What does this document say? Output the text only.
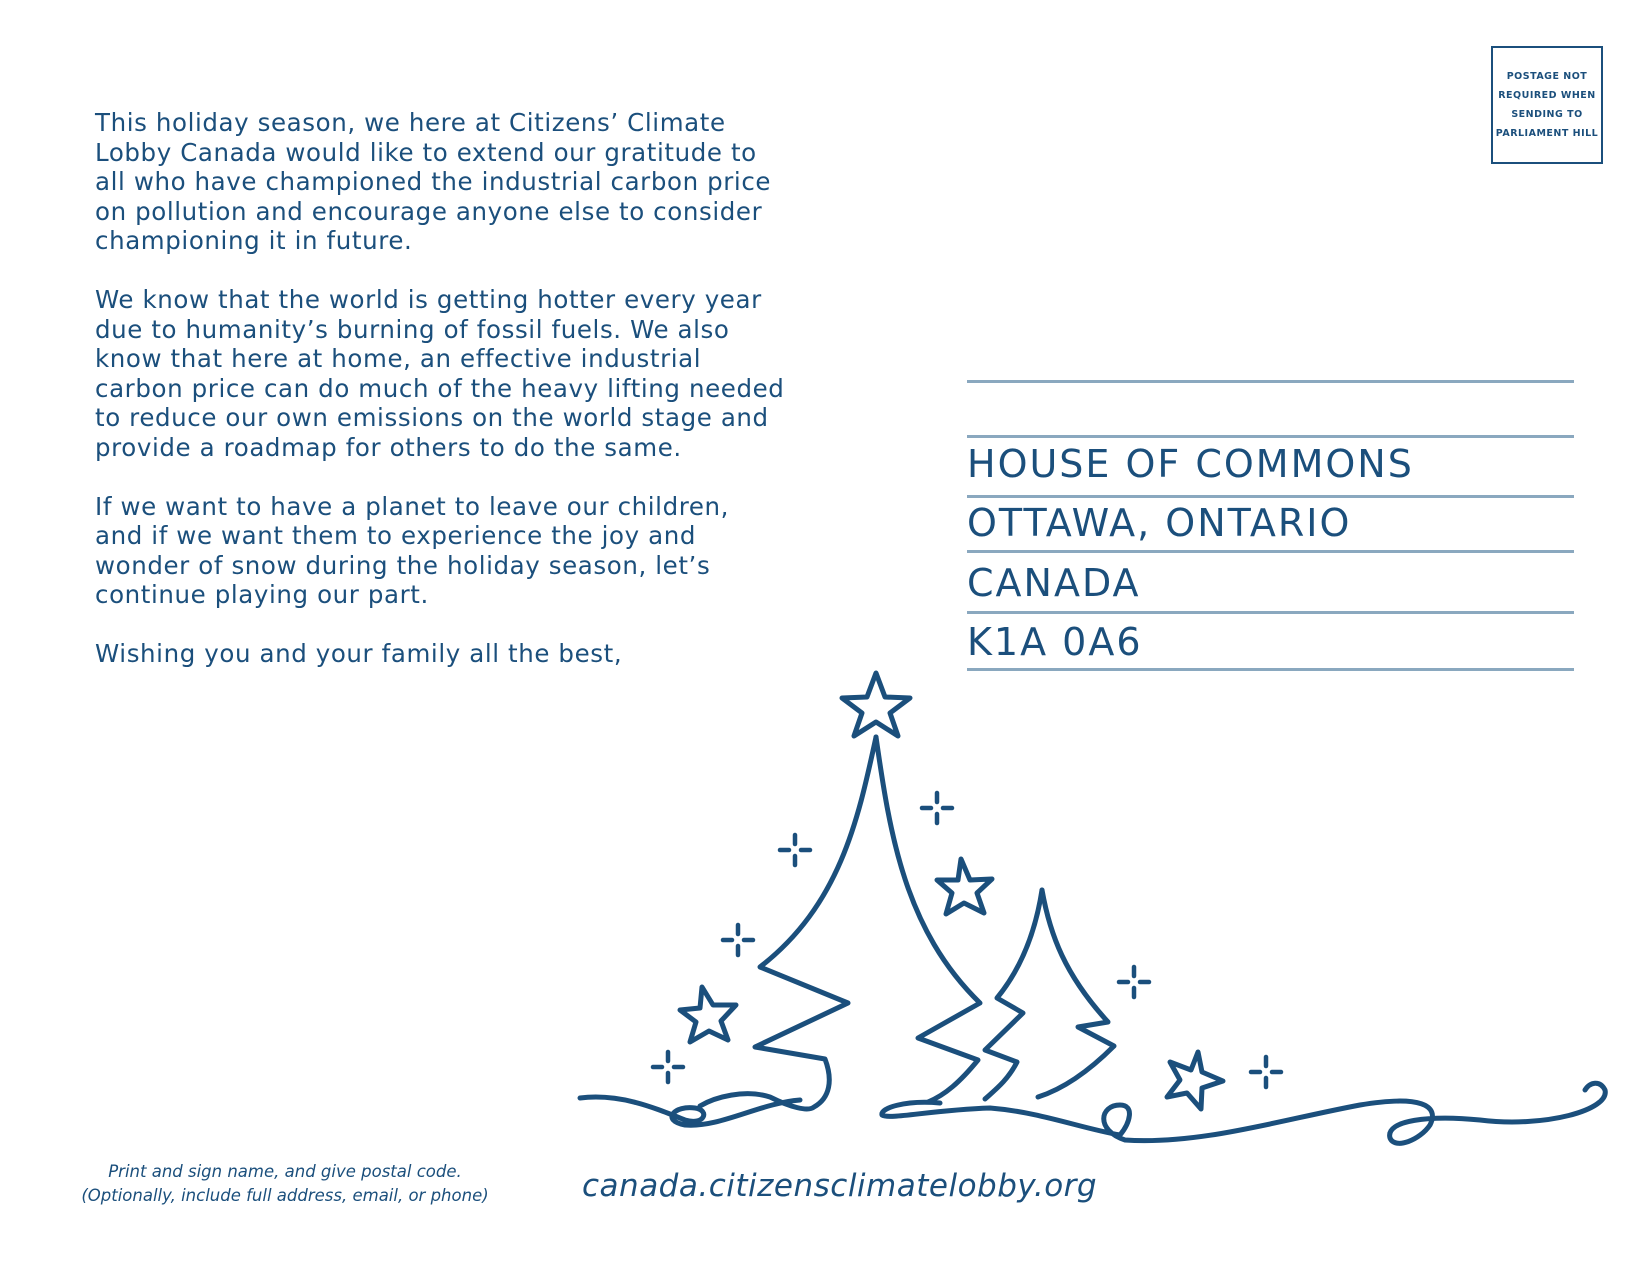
This holiday season, we here at Citizens’ Climate
Lobby Canada would like to extend our gratitude to
all who have championed the industrial carbon price
on pollution and encourage anyone else to consider
championing it in future.

We know that the world is getting hotter every year
due to humanity’s burning of fossil fuels. We also
know that here at home, an effective industrial
carbon price can do much of the heavy lifting needed
to reduce our own emissions on the world stage and
provide a roadmap for others to do the same.

If we want to have a planet to leave our children,
and if we want them to experience the joy and
wonder of snow during the holiday season, let’s
continue playing our part.

Wishing you and your family all the best,

POSTAGE NOT
REQUIRED WHEN
SENDING TO
PARLIAMENT HILL
HOUSE OF COMMONS
OTTAWA, ONTARIO
CANADA
K1A 0A6
Print and sign name, and give postal code.
(Optionally, include full address, email, or phone)	canada.citizensclimatelobby.org
